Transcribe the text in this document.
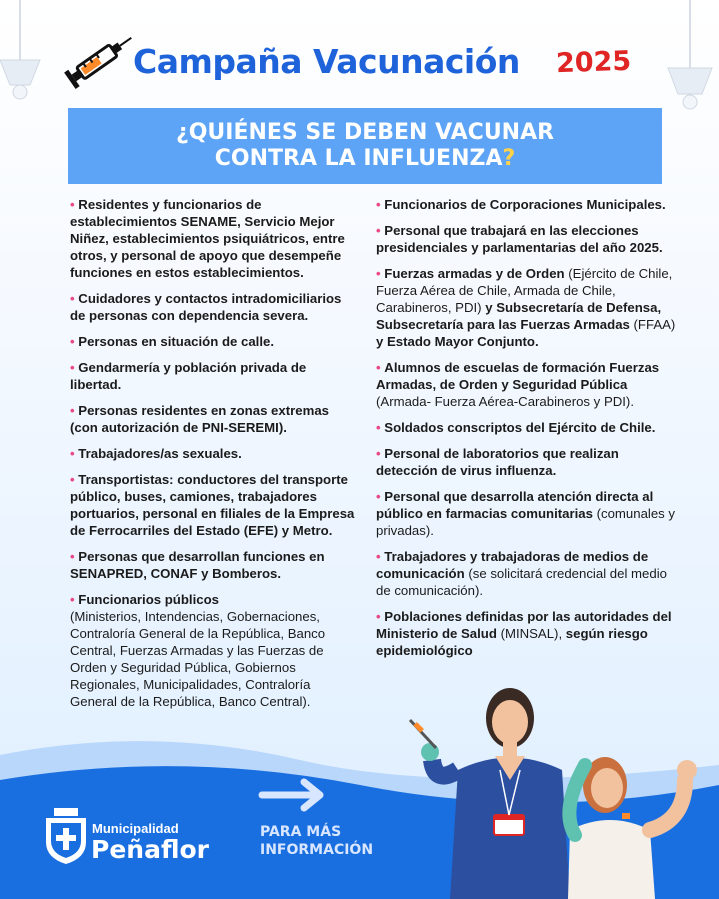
Campaña Vacunación 2025
¿QUIÉNES SE DEBEN VACUNAR
CONTRA LA INFLUENZA?
• Residentes y funcionarios de establecimientos SENAME, Servicio Mejor Niñez, establecimientos psiquiátricos, entre otros, y personal de apoyo que desempeñe funciones en estos establecimientos.
• Cuidadores y contactos intradomiciliarios de personas con dependencia severa.
• Personas en situación de calle.
• Gendarmería y población privada de libertad.
• Personas residentes en zonas extremas (con autorización de PNI-SEREMI).
• Trabajadores/as sexuales.
• Transportistas: conductores del transporte público, buses, camiones, trabajadores portuarios, personal en filiales de la Empresa de Ferrocarriles del Estado (EFE) y Metro.
• Personas que desarrollan funciones en SENAPRED, CONAF y Bomberos.
• Funcionarios públicos
(Ministerios, Intendencias, Gobernaciones, Contraloría General de la República, Banco Central, Fuerzas Armadas y las Fuerzas de Orden y Seguridad Pública, Gobiernos Regionales, Municipalidades, Contraloría General de la República, Banco Central).
• Funcionarios de Corporaciones Municipales.
• Personal que trabajará en las elecciones presidenciales y parlamentarias del año 2025.
• Fuerzas armadas y de Orden (Ejército de Chile, Fuerza Aérea de Chile, Armada de Chile, Carabineros, PDI) y Subsecretaría de Defensa, Subsecretaría para las Fuerzas Armadas (FFAA) y Estado Mayor Conjunto.
• Alumnos de escuelas de formación Fuerzas Armadas, de Orden y Seguridad Pública (Armada- Fuerza Aérea-Carabineros y PDI).
• Soldados conscriptos del Ejército de Chile.
• Personal de laboratorios que realizan detección de virus influenza.
• Personal que desarrolla atención directa al público en farmacias comunitarias (comunales y privadas).
• Trabajadores y trabajadoras de medios de comunicación (se solicitará credencial del medio de comunicación).
• Poblaciones definidas por las autoridades del Ministerio de Salud (MINSAL), según riesgo epidemiológico
Municipalidad
Peñaflor
PARA MÁS
INFORMACIÓN
